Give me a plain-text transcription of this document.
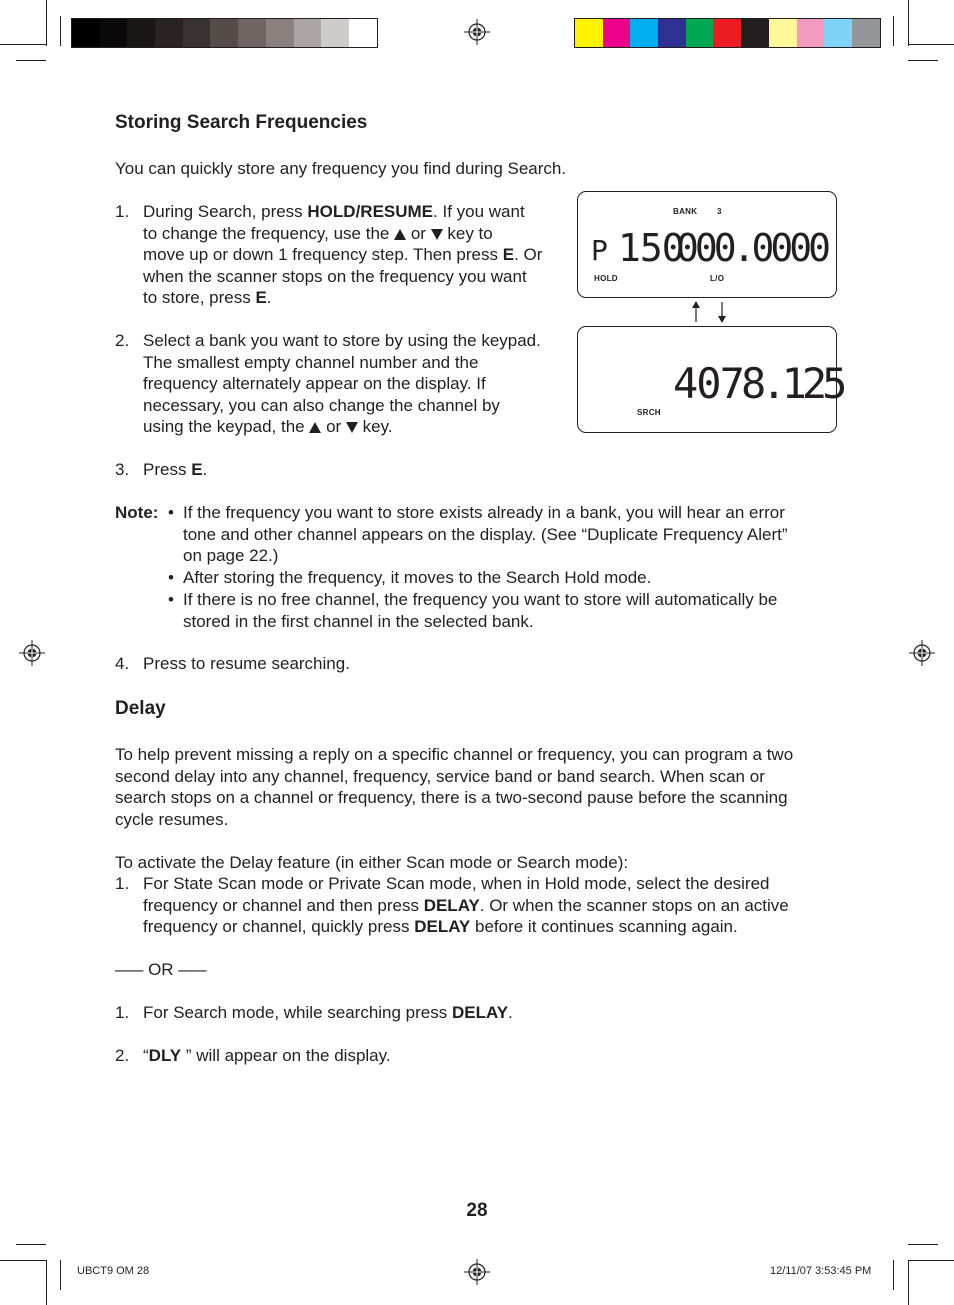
Storing Search Frequencies
You can quickly store any frequency you find during Search.
1. During Search, press HOLD/RESUME. If you want
to change the frequency, use the  or  key to
move up or down 1 frequency step. Then press E. Or
when the scanner stops on the frequency you want
to store, press E.
2. Select a bank you want to store by using the keypad.
The smallest empty channel number and the
frequency alternately appear on the display. If
necessary, you can also change the channel by
using the keypad, the  or  key.
3. Press E.
Note: • If the frequency you want to store exists already in a bank, you will hear an error
tone and other channel appears on the display. (See “Duplicate Frequency Alert”
on page 22.)
• After storing the frequency, it moves to the Search Hold mode.
• If there is no free channel, the frequency you want to store will automatically be
stored in the first channel in the selected bank.
4. Press to resume searching.
BANK 3
P 150
000.0000
HOLD	L/O
407
8.125
SRCH
Delay
To help prevent missing a reply on a specific channel or frequency, you can program a two
second delay into any channel, frequency, service band or band search. When scan or
search stops on a channel or frequency, there is a two-second pause before the scanning
cycle resumes.
To activate the Delay feature (in either Scan mode or Search mode):
1. For State Scan mode or Private Scan mode, when in Hold mode, select the desired
frequency or channel and then press DELAY. Or when the scanner stops on an active
frequency or channel, quickly press DELAY before it continues scanning again.
––– OR –––
1. For Search mode, while searching press DELAY.
2. “DLY ” will appear on the display.
28
UBCT9 OM 28	12/11/07 3:53:45 PM
